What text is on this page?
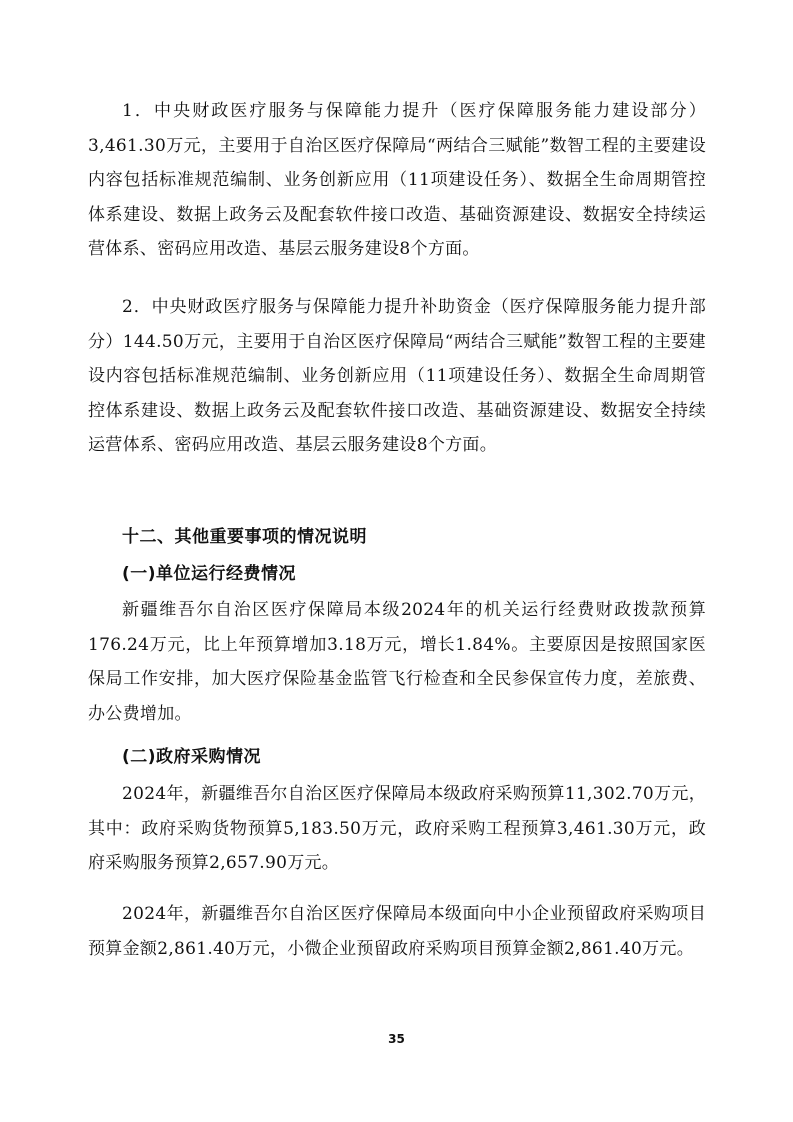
1．中央财政医疗服务与保障能力提升（医疗保障服务能力建设部分）3,461.30万元，主要用于自治区医疗保障局“两结合三赋能”数智工程的主要建设内容包括标准规范编制、业务创新应用（11项建设任务）、数据全生命周期管控体系建设、数据上政务云及配套软件接口改造、基础资源建设、数据安全持续运营体系、密码应用改造、基层云服务建设8个方面。

2．中央财政医疗服务与保障能力提升补助资金（医疗保障服务能力提升部分）144.50万元，主要用于自治区医疗保障局“两结合三赋能”数智工程的主要建设内容包括标准规范编制、业务创新应用（11项建设任务）、数据全生命周期管控体系建设、数据上政务云及配套软件接口改造、基础资源建设、数据安全持续运营体系、密码应用改造、基层云服务建设8个方面。

十二、其他重要事项的情况说明
(一)单位运行经费情况

新疆维吾尔自治区医疗保障局本级2024年的机关运行经费财政拨款预算176.24万元，比上年预算增加3.18万元，增长1.84%。主要原因是按照国家医保局工作安排，加大医疗保险基金监管飞行检查和全民参保宣传力度，差旅费、办公费增加。

(二)政府采购情况

2024年，新疆维吾尔自治区医疗保障局本级政府采购预算11,302.70万元，其中：政府采购货物预算5,183.50万元，政府采购工程预算3,461.30万元，政府采购服务预算2,657.90万元。

2024年，新疆维吾尔自治区医疗保障局本级面向中小企业预留政府采购项目预算金额2,861.40万元，小微企业预留政府采购项目预算金额2,861.40万元。

35
